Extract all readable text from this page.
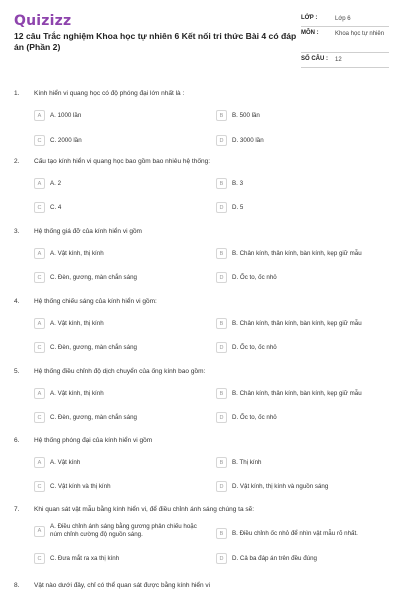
Quizizz
12 câu Trắc nghiệm Khoa học tự nhiên 6 Kết nối tri thức Bài 4 có đáp án (Phần 2)
LỚP :	Lớp 6
MÔN :	Khoa học tự nhiên
SỐ CÂU :	12
1. Kính hiển vi quang học có độ phóng đại lớn nhất là :
A	A. 1000 lần	B	B. 500 lần
C	C. 2000 lần	D	D. 3000 lần
2. Cấu tạo kính hiển vi quang học bao gồm bao nhiêu hệ thống:
A	A. 2	B	B. 3
C	C. 4	D	D. 5
3. Hệ thống giá đỡ của kính hiển vi gồm
A	A. Vật kính, thị kính	B	B. Chân kính, thân kính, bàn kính, kẹp giữ mẫu
C	C. Đèn, gương, màn chắn sáng	D	D. Ốc to, ốc nhỏ
4. Hệ thống chiếu sáng của kính hiển vi gồm:
A	A. Vật kính, thị kính	B	B. Chân kính, thân kính, bàn kính, kẹp giữ mẫu
C	C. Đèn, gương, màn chắn sáng	D	D. Ốc to, ốc nhỏ
5. Hệ thống điều chỉnh độ dịch chuyển của ống kính bao gồm:
A	A. Vật kính, thị kính	B	B. Chân kính, thân kính, bàn kính, kẹp giữ mẫu
C	C. Đèn, gương, màn chắn sáng	D	D. Ốc to, ốc nhỏ
6. Hệ thống phóng đại của kính hiển vi gồm
A	A. Vật kính	B	B. Thị kính
C	C. Vật kính và thị kính	D	D. Vật kính, thị kính và nguồn sáng
7. Khi quan sát vật mẫu bằng kính hiển vi, để điều chỉnh ánh sáng chúng ta sẽ:
A
A. Điều chỉnh ánh sáng bằng gương phản chiếu hoặc núm chỉnh cường độ nguồn sáng.	B	B. Điều chỉnh ốc nhỏ để nhìn vật mẫu rõ nhất.
C	C. Đưa mắt ra xa thị kính	D	D. Cả ba đáp án trên đều đúng
8. Vật nào dưới đây, chỉ có thể quan sát được bằng kính hiển vi
